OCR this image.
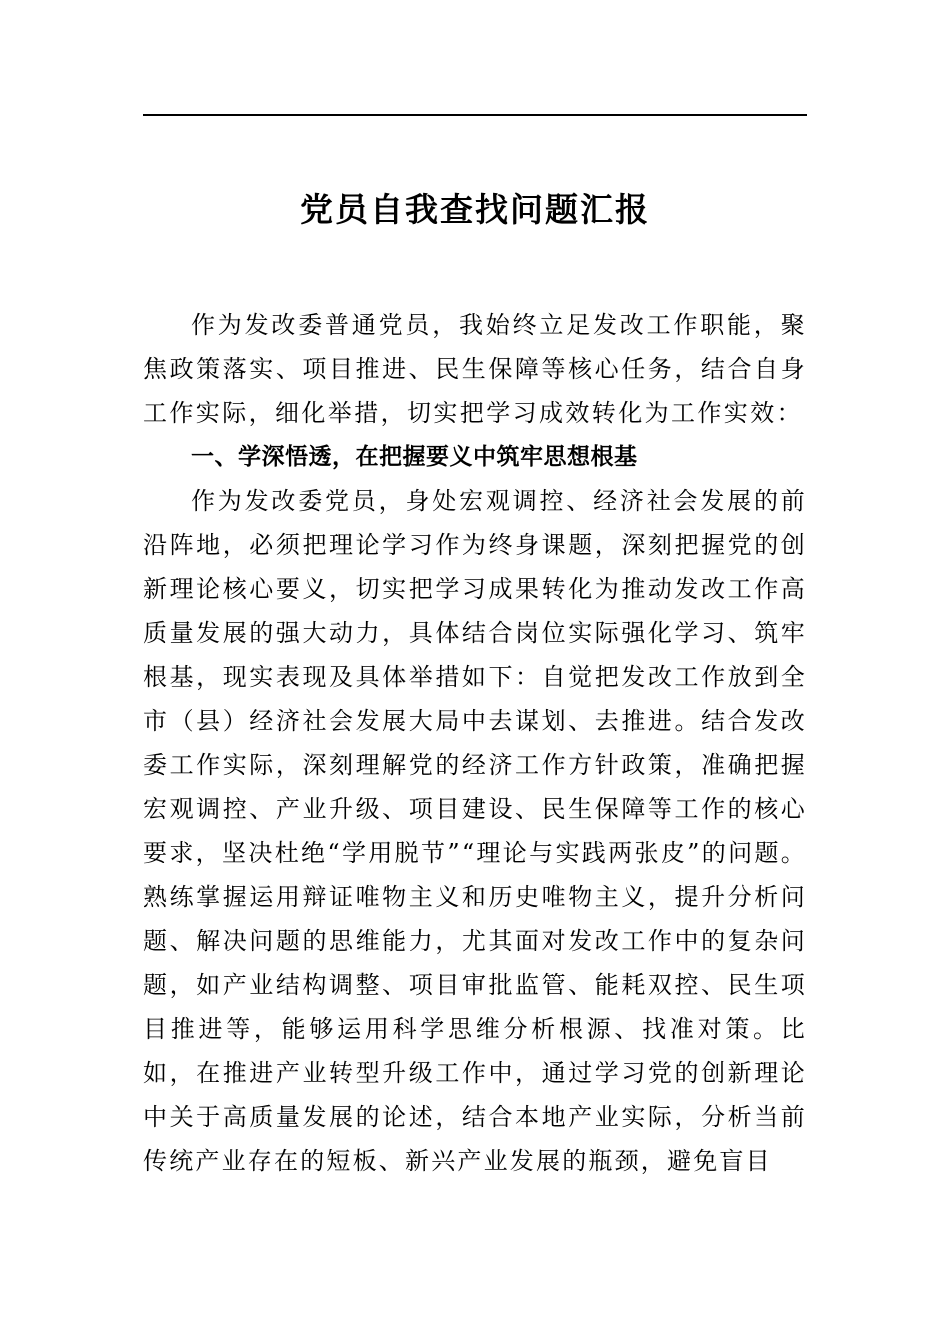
党员自我查找问题汇报

作为发改委普通党员，我始终立足发改工作职能，聚焦政策落实、项目推进、民生保障等核心任务，结合自身工作实际，细化举措，切实把学习成效转化为工作实效：

一、学深悟透，在把握要义中筑牢思想根基

作为发改委党员，身处宏观调控、经济社会发展的前沿阵地，必须把理论学习作为终身课题，深刻把握党的创新理论核心要义，切实把学习成果转化为推动发改工作高质量发展的强大动力，具体结合岗位实际强化学习、筑牢根基，现实表现及具体举措如下：自觉把发改工作放到全市（县）经济社会发展大局中去谋划、去推进。结合发改委工作实际，深刻理解党的经济工作方针政策，准确把握宏观调控、产业升级、项目建设、民生保障等工作的核心要求，坚决杜绝“学用脱节”“理论与实践两张皮”的问题。熟练掌握运用辩证唯物主义和历史唯物主义，提升分析问题、解决问题的思维能力，尤其面对发改工作中的复杂问题，如产业结构调整、项目审批监管、能耗双控、民生项目推进等，能够运用科学思维分析根源、找准对策。比如，在推进产业转型升级工作中，通过学习党的创新理论中关于高质量发展的论述，结合本地产业实际，分析当前传统产业存在的短板、新兴产业发展的瓶颈，避免盲目
